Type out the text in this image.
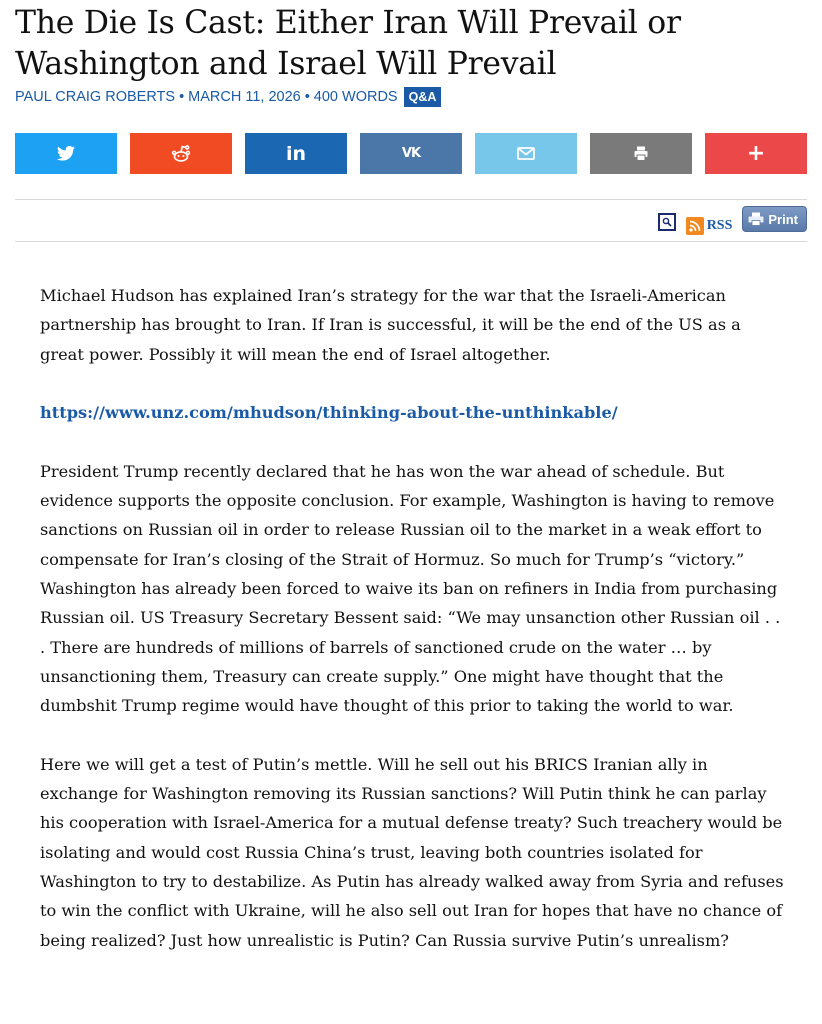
The Die Is Cast: Either Iran Will Prevail or Washington and Israel Will Prevail
PAUL CRAIG ROBERTS • MARCH 11, 2026 • 400 WORDS Q&A
in	VK	+
RSS	Print

Michael Hudson has explained Iran’s strategy for the war that the Israeli-American partnership has brought to Iran. If Iran is successful, it will be the end of the US as a great power. Possibly it will mean the end of Israel altogether.

https://www.unz.com/mhudson/thinking-about-the-unthinkable/

President Trump recently declared that he has won the war ahead of schedule. But evidence supports the opposite conclusion. For example, Washington is having to remove sanctions on Russian oil in order to release Russian oil to the market in a weak effort to compensate for Iran’s closing of the Strait of Hormuz. So much for Trump’s “victory.” Washington has already been forced to waive its ban on refiners in India from purchasing Russian oil. US Treasury Secretary Bessent said: “We may unsanction other Russian oil . . . There are hundreds of millions of barrels of sanctioned crude on the water … by unsanctioning them, Treasury can create supply.” One might have thought that the dumbshit Trump regime would have thought of this prior to taking the world to war.

Here we will get a test of Putin’s mettle. Will he sell out his BRICS Iranian ally in exchange for Washington removing its Russian sanctions? Will Putin think he can parlay his cooperation with Israel-America for a mutual defense treaty? Such treachery would be isolating and would cost Russia China’s trust, leaving both countries isolated for Washington to try to destabilize. As Putin has already walked away from Syria and refuses to win the conflict with Ukraine, will he also sell out Iran for hopes that have no chance of being realized? Just how unrealistic is Putin? Can Russia survive Putin’s unrealism?
